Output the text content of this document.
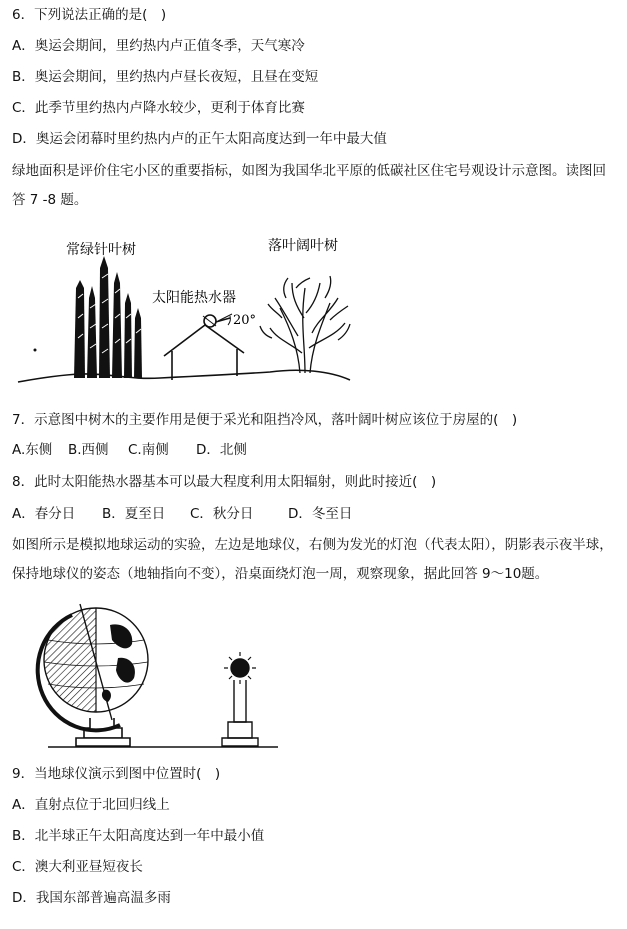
6．下列说法正确的是(　)
A．奥运会期间，里约热内卢正值冬季，天气寒冷
B．奥运会期间，里约热内卢昼长夜短，且昼在变短
C．此季节里约热内卢降水较少，更利于体育比赛
D．奥运会闭幕时里约热内卢的正午太阳高度达到一年中最大值
绿地面积是评价住宅小区的重要指标，如图为我国华北平原的低碳社区住宅号观设计示意图。读图回答 7 -8 题。
常绿针叶树	落叶阔叶树
太阳能热水器
20°
7．示意图中树木的主要作用是便于采光和阻挡冷风，落叶阔叶树应该位于房屋的(　)
A.东侧 B.西侧 C.南侧 D．北侧
8．此时太阳能热水器基本可以最大程度利用太阳辐射，则此时接近(　)
A．春分日 B．夏至日 C．秋分日	D．冬至日
如图所示是模拟地球运动的实验，左边是地球仪，右侧为发光的灯泡（代表太阳），阴影表示夜半球，保持地球仪的姿态（地轴指向不变），沿桌面绕灯泡一周，观察现象，据此回答 9～10题。
9．当地球仪演示到图中位置时(　)
A．直射点位于北回归线上
B．北半球正午太阳高度达到一年中最小值
C．澳大利亚昼短夜长
D．我国东部普遍高温多雨
